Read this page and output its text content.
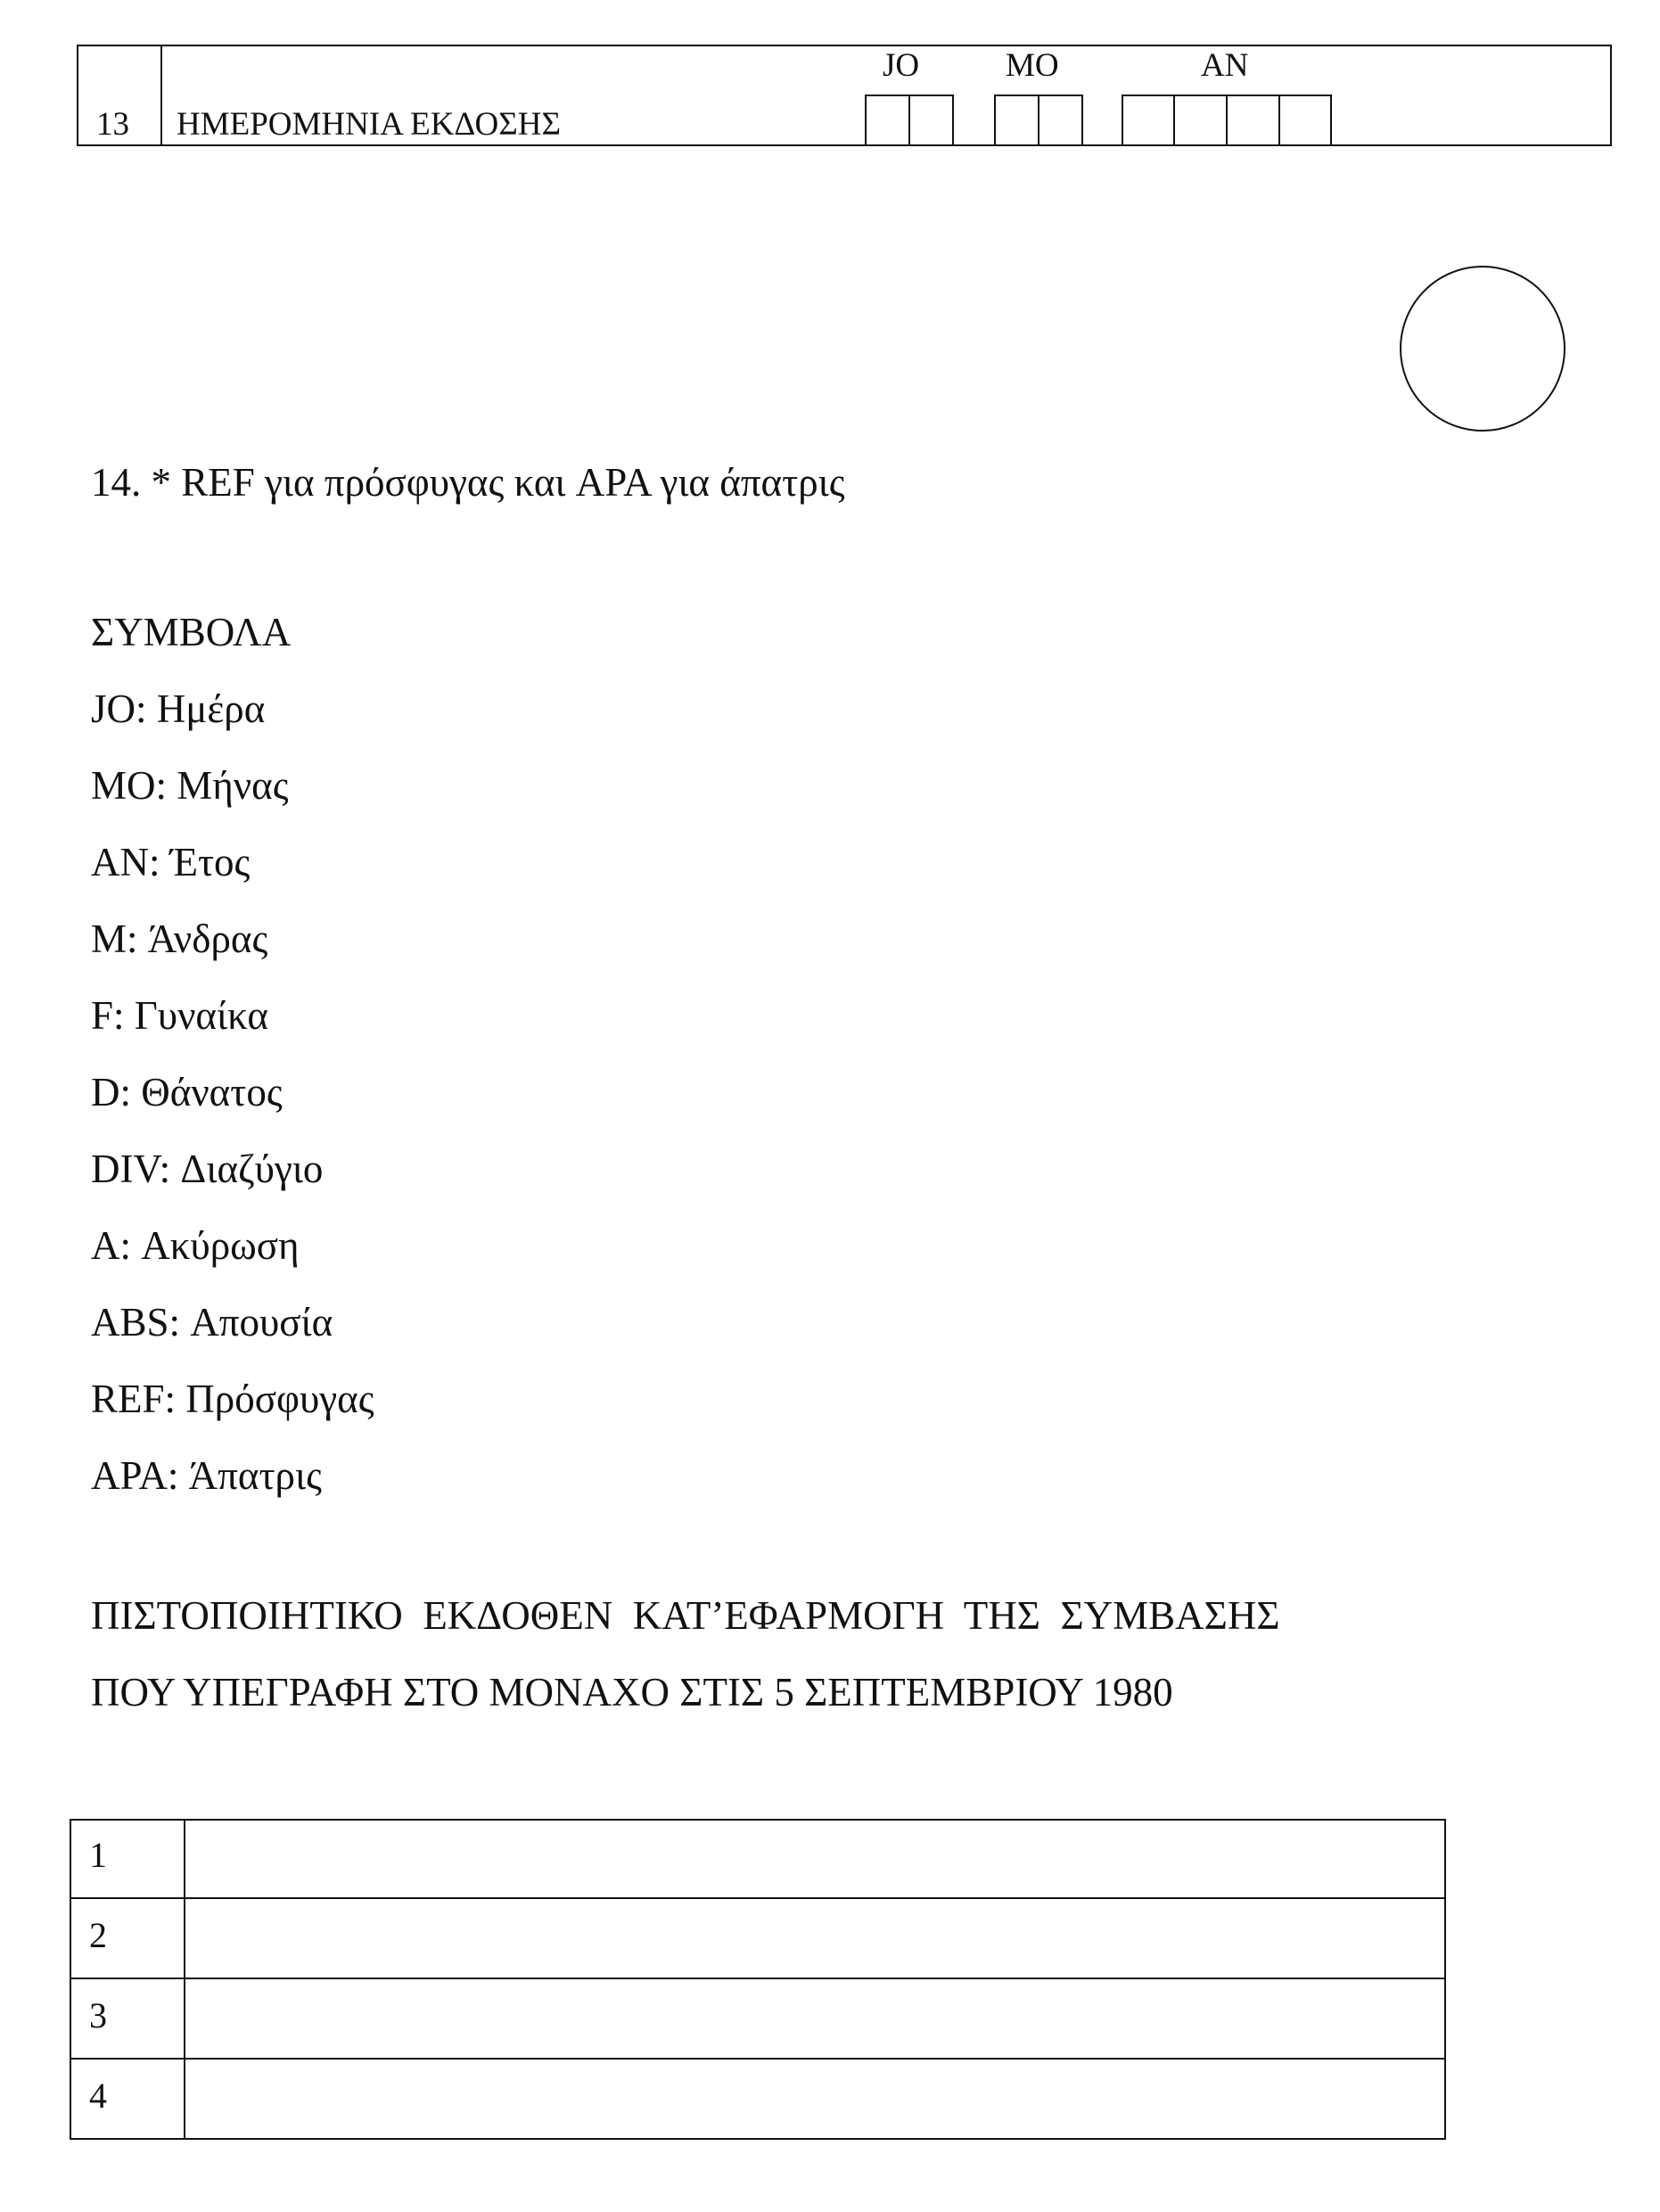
13 ΗΜΕΡΟΜΗΝΙΑ ΕΚΔΟΣΗΣ
JO	MO	AN
14. * REF για πρόσφυγας και APA για άπατρις
ΣΥΜΒΟΛΑ
JO: Ημέρα
MO: Μήνας
AN: Έτος
M: Άνδρας
F: Γυναίκα
D: Θάνατος
DIV: Διαζύγιο
A: Ακύρωση
ABS: Απουσία
REF: Πρόσφυγας
APA: Άπατρις
ΠΙΣΤΟΠΟΙΗΤΙΚΟ  ΕΚΔΟΘΕΝ  ΚΑΤ’ΕΦΑΡΜΟΓΗ  ΤΗΣ  ΣΥΜΒΑΣΗΣ
ΠΟΥ ΥΠΕΓΡΑΦΗ ΣΤΟ ΜΟΝΑΧΟ ΣΤΙΣ 5 ΣΕΠΤΕΜΒΡΙΟΥ 1980
1
2
3
4
